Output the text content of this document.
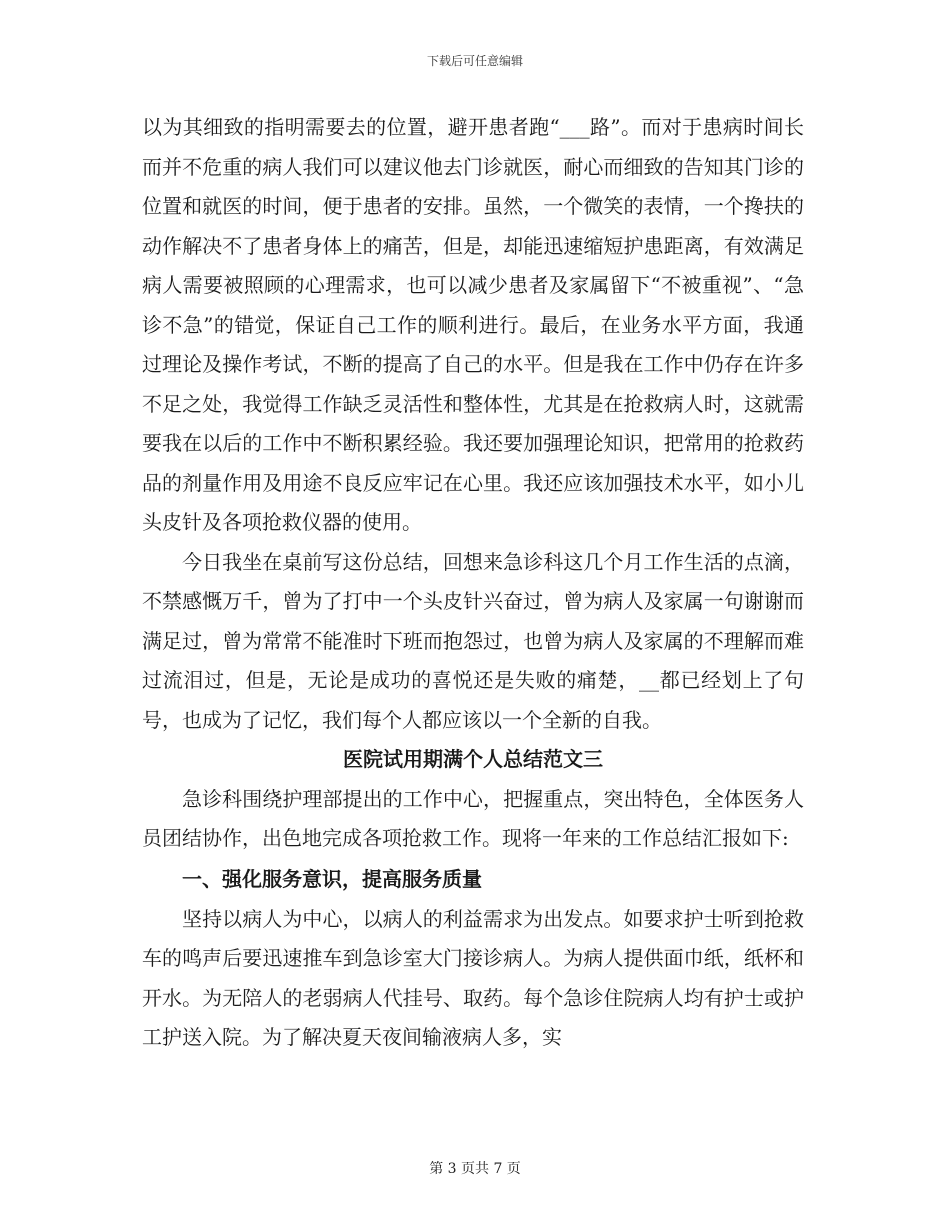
下载后可任意编辑

以为其细致的指明需要去的位置，避开患者跑“___路”。而对于患病时间长而并不危重的病人我们可以建议他去门诊就医，耐心而细致的告知其门诊的位置和就医的时间，便于患者的安排。虽然，一个微笑的表情，一个搀扶的动作解决不了患者身体上的痛苦，但是，却能迅速缩短护患距离，有效满足病人需要被照顾的心理需求，也可以减少患者及家属留下“不被重视”、“急诊不急”的错觉，保证自己工作的顺利进行。最后，在业务水平方面，我通过理论及操作考试，不断的提高了自己的水平。但是我在工作中仍存在许多不足之处，我觉得工作缺乏灵活性和整体性，尤其是在抢救病人时，这就需要我在以后的工作中不断积累经验。我还要加强理论知识，把常用的抢救药品的剂量作用及用途不良反应牢记在心里。我还应该加强技术水平，如小儿头皮针及各项抢救仪器的使用。

今日我坐在桌前写这份总结，回想来急诊科这几个月工作生活的点滴，不禁感慨万千，曾为了打中一个头皮针兴奋过，曾为病人及家属一句谢谢而满足过，曾为常常不能准时下班而抱怨过，也曾为病人及家属的不理解而难过流泪过，但是，无论是成功的喜悦还是失败的痛楚，__都已经划上了句号，也成为了记忆，我们每个人都应该以一个全新的自我。

医院试用期满个人总结范文三

急诊科围绕护理部提出的工作中心，把握重点，突出特色，全体医务人员团结协作，出色地完成各项抢救工作。现将一年来的工作总结汇报如下:

一、强化服务意识，提高服务质量

坚持以病人为中心，以病人的利益需求为出发点。如要求护士听到抢救车的鸣声后要迅速推车到急诊室大门接诊病人。为病人提供面巾纸，纸杯和开水。为无陪人的老弱病人代挂号、取药。每个急诊住院病人均有护士或护工护送入院。为了解决夏天夜间输液病人多，实

第 3 页共 7 页
